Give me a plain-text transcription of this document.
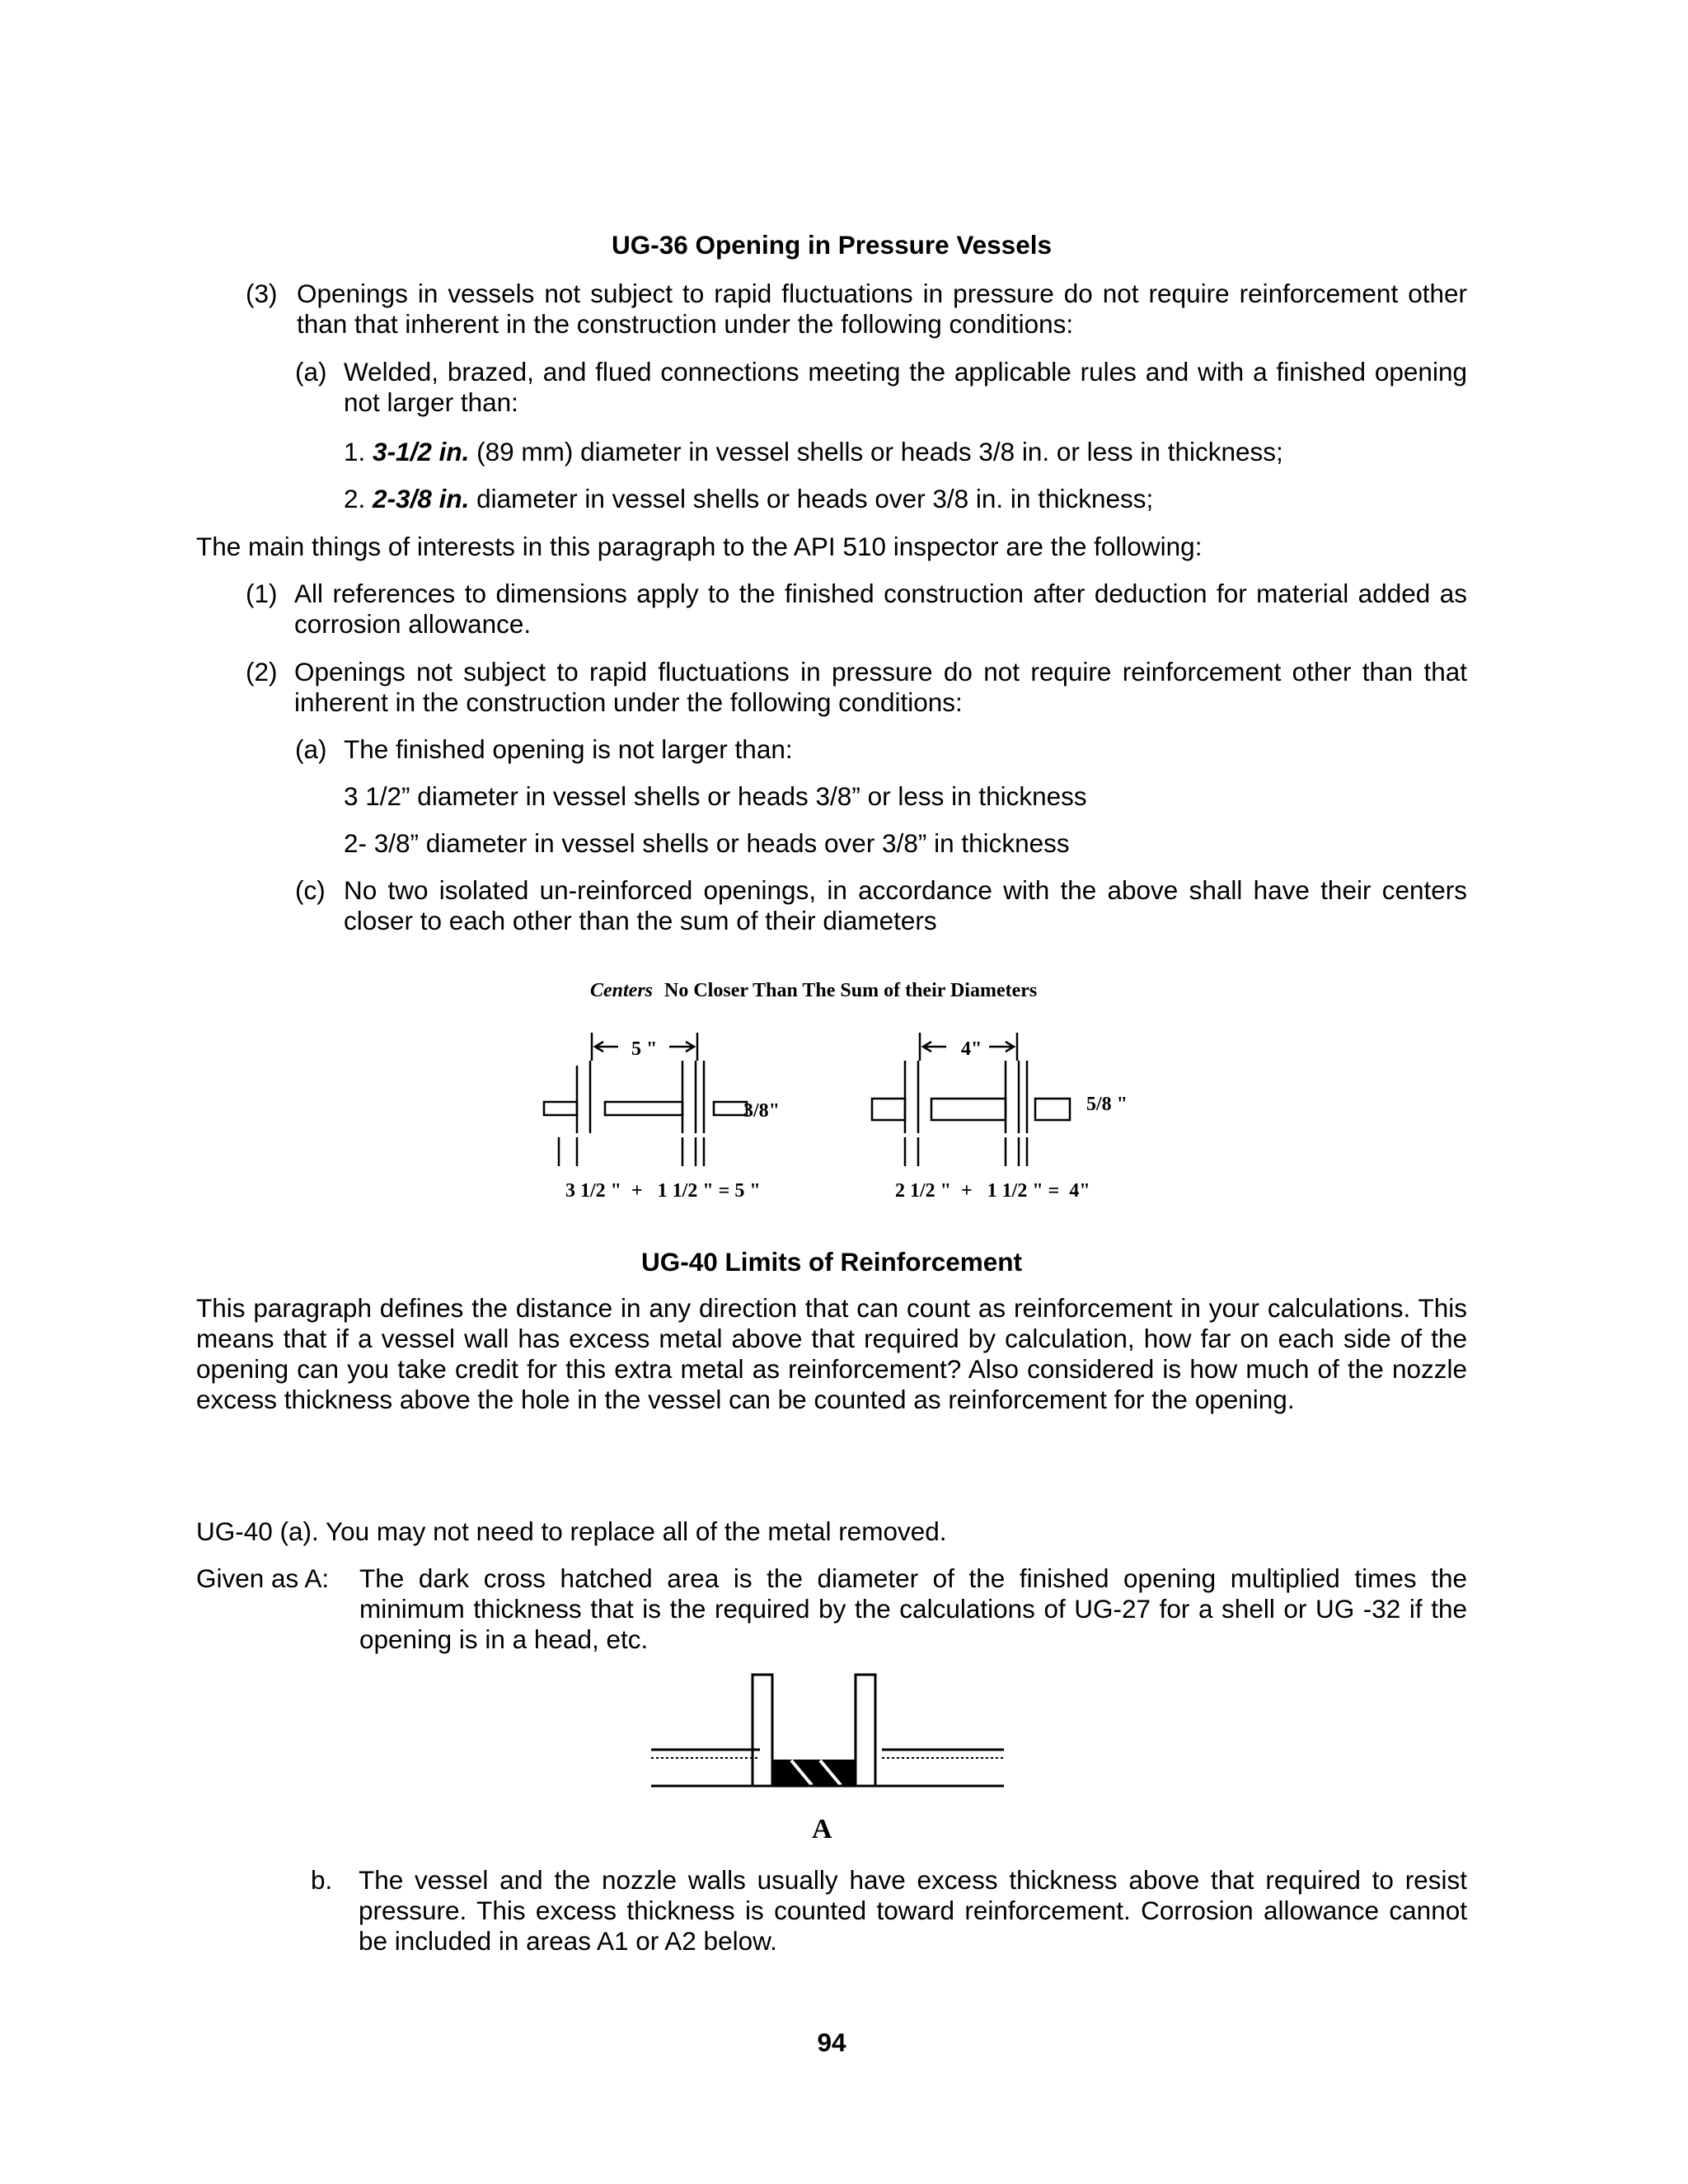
UG-36 Opening in Pressure Vessels
(3) Openings in vessels not subject to rapid fluctuations in pressure do not require reinforcement other than that inherent in the construction under the following conditions:
(a) Welded, brazed, and flued connections meeting the applicable rules and with a finished opening not larger than:
1. 3-1/2 in. (89 mm) diameter in vessel shells or heads 3/8 in. or less in thickness;
2. 2-3/8 in. diameter in vessel shells or heads over 3/8 in. in thickness;
The main things of interests in this paragraph to the API 510 inspector are the following:
(1) All references to dimensions apply to the finished construction after deduction for material added as corrosion allowance.
(2) Openings not subject to rapid fluctuations in pressure do not require reinforcement other than that inherent in the construction under the following conditions:
(a) The finished opening is not larger than:
3 1/2” diameter in vessel shells or heads 3/8” or less in thickness
2- 3/8” diameter in vessel shells or heads over 3/8” in thickness
(c) No two isolated un-reinforced openings, in accordance with the above shall have their centers closer to each other than the sum of their diameters
Centers No Closer Than The Sum of their Diameters
5 "
3/8"
3 1/2 "  +   1 1/2 " = 5 "
4"
5/8 "
2 1/2 "  +   1 1/2 " =  4"
UG-40 Limits of Reinforcement
This paragraph defines the distance in any direction that can count as reinforcement in your calculations. This means that if a vessel wall has excess metal above that required by calculation, how far on each side of the opening can you take credit for this extra metal as reinforcement? Also considered is how much of the nozzle excess thickness above the hole in the vessel can be counted as reinforcement for the opening.
UG-40 (a). You may not need to replace all of the metal removed.
Given as A:	The dark cross hatched area is the diameter of the finished opening multiplied times the minimum thickness that is the required by the calculations of UG-27 for a shell or UG -32 if the opening is in a head, etc.
A
b.	The vessel and the nozzle walls usually have excess thickness above that required to resist pressure. This excess thickness is counted toward reinforcement. Corrosion allowance cannot be included in areas A1 or A2 below.
94
